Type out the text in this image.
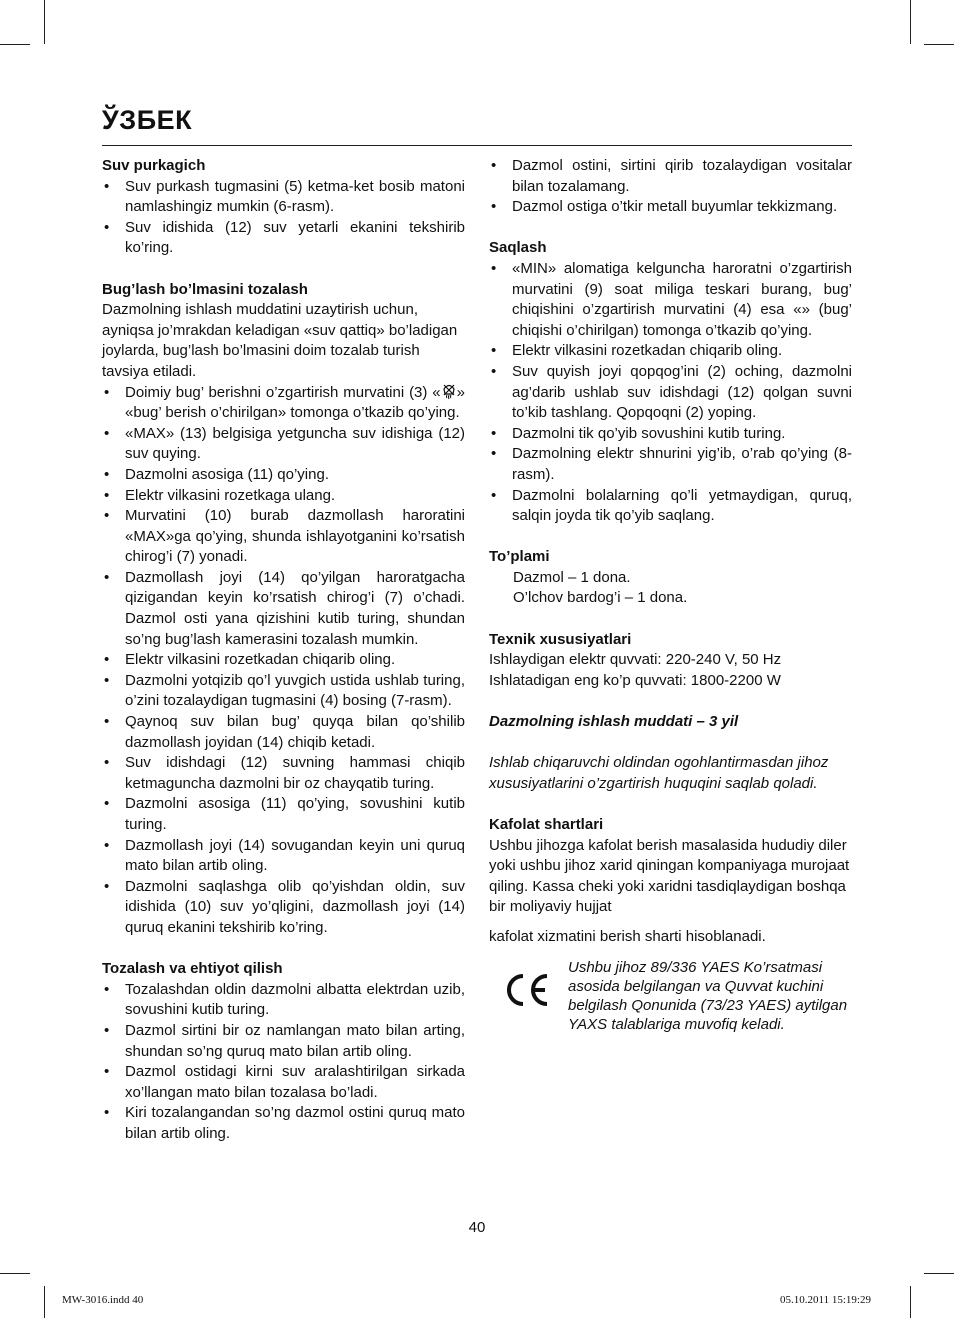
ЎЗБЕК

Suv purkagich

• Suv purkash tugmasini (5) ketma-ket bosib matoni namlashingiz mumkin (6-rasm).
• Suv idishida (12) suv yetarli ekanini tekshirib ko’ring.

Bug’lash bo’lmasini tozalash

Dazmolning ishlash muddatini uzaytirish uchun, ayniqsa jo’mrakdan keladigan «suv qattiq» bo’ladigan joylarda, bug’lash bo’lmasini doim tozalab turish tavsiya etiladi.

• Doimiy bug’ berishni o’zgartirish murvatini (3) « » «bug’ berish o’chirilgan» tomonga o’tkazib qo’ying.
• «MAX» (13) belgisiga yetguncha suv idishiga (12) suv quying.
• Dazmolni asosiga (11) qo’ying.
• Elektr vilkasini rozetkaga ulang.
• Murvatini (10) burab dazmollash haroratini «MAX»ga qo’ying, shunda ishlayotganini ko’rsatish chirog’i (7) yonadi.
• Dazmollash joyi (14) qo’yilgan haroratgacha qizigandan keyin ko’rsatish chirog’i (7) o’chadi. Dazmol osti yana qizishini kutib turing, shundan so’ng bug’lash kamerasini tozalash mumkin.
• Elektr vilkasini rozetkadan chiqarib oling.
• Dazmolni yotqizib qo’l yuvgich ustida ushlab turing, o’zini tozalaydigan tugmasini (4) bosing (7-rasm).
• Qaynoq suv bilan bug’ quyqa bilan qo’shilib dazmollash joyidan (14) chiqib ketadi.
• Suv idishdagi (12) suvning hammasi chiqib ketmaguncha dazmolni bir oz chayqatib turing.
• Dazmolni asosiga (11) qo’ying, sovushini kutib turing.
• Dazmollash joyi (14) sovugandan keyin uni quruq mato bilan artib oling.
• Dazmolni saqlashga olib qo’yishdan oldin, suv idishida (10) suv yo’qligini, dazmollash joyi (14) quruq ekanini tekshirib ko’ring.

Tozalash va ehtiyot qilish

• Tozalashdan oldin dazmolni albatta elektrdan uzib, sovushini kutib turing.
• Dazmol sirtini bir oz namlangan mato bilan arting, shundan so’ng quruq mato bilan artib oling.
• Dazmol ostidagi kirni suv aralashtirilgan sirkada xo’llangan mato bilan tozalasa bo’ladi.
• Kiri tozalangandan so’ng dazmol ostini quruq mato bilan artib oling.
• Dazmol ostini, sirtini qirib tozalaydigan vositalar bilan tozalamang.
• Dazmol ostiga o’tkir metall buyumlar tekkizmang.

Saqlash

• «MIN» alomatiga kelguncha haroratni o’zgartirish murvatini (9) soat miliga teskari burang, bug’ chiqishini o’zgartirish murvatini (4) esa «» (bug’ chiqishi o’chirilgan) tomonga o’tkazib qo’ying.
• Elektr vilkasini rozetkadan chiqarib oling.
• Suv quyish joyi qopqog’ini (2) oching, dazmolni ag’darib ushlab suv idishdagi (12) qolgan suvni to’kib tashlang. Qopqoqni (2) yoping.
• Dazmolni tik qo’yib sovushini kutib turing.
• Dazmolning elektr shnurini yig’ib, o’rab qo’ying (8-rasm).
• Dazmolni bolalarning qo’li yetmaydigan, quruq, salqin joyda tik qo’yib saqlang.

To’plami

Dazmol – 1 dona.

O’lchov bardog’i – 1 dona.

Texnik xususiyatlari

Ishlaydigan elektr quvvati: 220-240 V, 50 Hz

Ishlatadigan eng ko’p quvvati: 1800-2200 W

Dazmolning ishlash muddati – 3 yil

Ishlab chiqaruvchi oldindan ogohlantirmasdan jihoz xususiyatlarini o’zgartirish huquqini saqlab qoladi.

Kafolat shartlari

Ushbu jihozga kafolat berish masalasida hududiy diler yoki ushbu jihoz xarid qiningan kompaniyaga murojaat qiling. Kassa cheki yoki xaridni tasdiqlaydigan boshqa bir moliyaviy hujjat

kafolat xizmatini berish sharti hisoblanadi.

Ushbu jihoz 89/336 YAES Ko’rsatmasi asosida belgilangan va Quvvat kuchini belgilash Qonunida (73/23 YAES) aytilgan YAXS talablariga muvofiq keladi.

40
MW-3016.indd 40	05.10.2011 15:19:29
